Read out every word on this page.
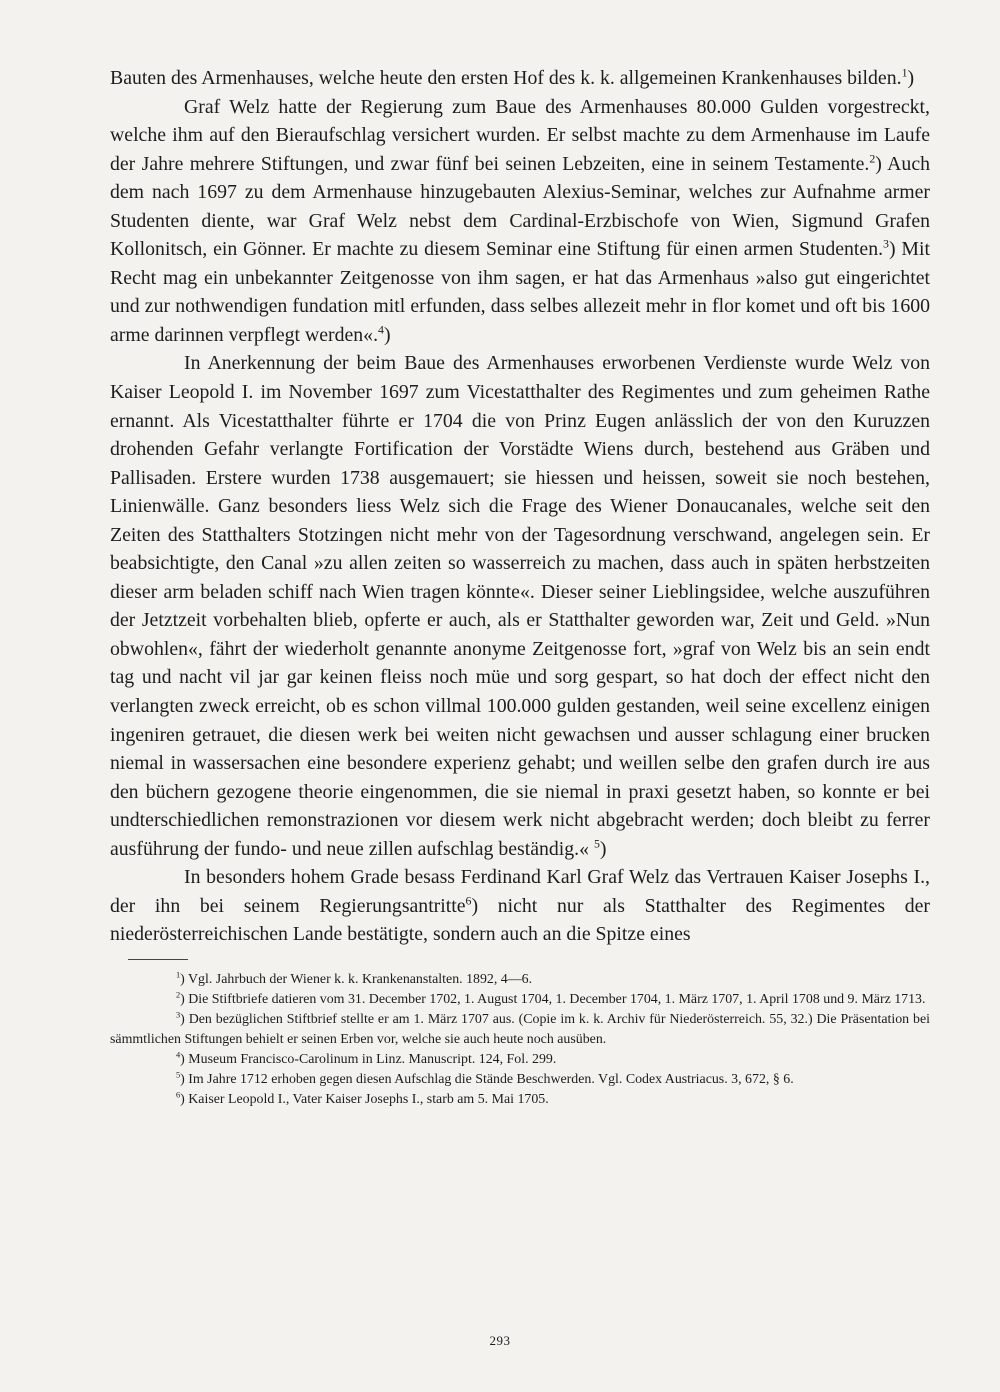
Bauten des Armenhauses, welche heute den ersten Hof des k. k. allgemeinen Krankenhauses bilden.$^1$)

Graf Welz hatte der Regierung zum Baue des Armenhauses 80.000 Gulden vorgestreckt, welche ihm auf den Bieraufschlag versichert wurden. Er selbst machte zu dem Armenhause im Laufe der Jahre mehrere Stiftungen, und zwar fünf bei seinen Lebzeiten, eine in seinem Testamente.$^2$) Auch dem nach 1697 zu dem Armenhause hinzugebauten Alexius-Seminar, welches zur Aufnahme armer Studenten diente, war Graf Welz nebst dem Cardinal-Erzbischofe von Wien, Sigmund Grafen Kollonitsch, ein Gönner. Er machte zu diesem Seminar eine Stiftung für einen armen Studenten.$^3$) Mit Recht mag ein unbekannter Zeitgenosse von ihm sagen, er hat das Armenhaus »also gut eingerichtet und zur nothwendigen fundation mitl erfunden, dass selbes allezeit mehr in flor komet und oft bis 1600 arme darinnen verpflegt werden«.$^4$)

In Anerkennung der beim Baue des Armenhauses erworbenen Verdienste wurde Welz von Kaiser Leopold I. im November 1697 zum Vicestatthalter des Regimentes und zum geheimen Rathe ernannt. Als Vicestatthalter führte er 1704 die von Prinz Eugen anlässlich der von den Kuruzzen drohenden Gefahr verlangte Fortification der Vorstädte Wiens durch, bestehend aus Gräben und Pallisaden. Erstere wurden 1738 ausgemauert; sie hiessen und heissen, soweit sie noch bestehen, Linienwälle. Ganz besonders liess Welz sich die Frage des Wiener Donaucanales, welche seit den Zeiten des Statthalters Stotzingen nicht mehr von der Tagesordnung verschwand, angelegen sein. Er beabsichtigte, den Canal »zu allen zeiten so wasserreich zu machen, dass auch in späten herbstzeiten dieser arm beladen schiff nach Wien tragen könnte«. Dieser seiner Lieblingsidee, welche auszuführen der Jetztzeit vorbehalten blieb, opferte er auch, als er Statthalter geworden war, Zeit und Geld. »Nun obwohlen«, fährt der wiederholt genannte anonyme Zeitgenosse fort, »graf von Welz bis an sein endt tag und nacht vil jar gar keinen fleiss noch müe und sorg gespart, so hat doch der effect nicht den verlangten zweck erreicht, ob es schon villmal 100.000 gulden gestanden, weil seine excellenz einigen ingeniren getrauet, die diesen werk bei weiten nicht gewachsen und ausser schlagung einer brucken niemal in wassersachen eine besondere experienz gehabt; und weillen selbe den grafen durch ire aus den büchern gezogene theorie eingenommen, die sie niemal in praxi gesetzt haben, so konnte er bei undterschiedlichen remonstrazionen vor diesem werk nicht abgebracht werden; doch bleibt zu ferrer ausführung der fundo- und neue zillen aufschlag beständig.« $^5$)

In besonders hohem Grade besass Ferdinand Karl Graf Welz das Vertrauen Kaiser Josephs I., der ihn bei seinem Regierungsantritte$^6$) nicht nur als Statthalter des Regimentes der niederösterreichischen Lande bestätigte, sondern auch an die Spitze eines

$^1$) Vgl. Jahrbuch der Wiener k. k. Krankenanstalten. 1892, 4—6.

$^2$) Die Stiftbriefe datieren vom 31. December 1702, 1. August 1704, 1. December 1704, 1. März 1707, 1. April 1708 und 9. März 1713.

$^3$) Den bezüglichen Stiftbrief stellte er am 1. März 1707 aus. (Copie im k. k. Archiv für Niederösterreich. 55, 32.) Die Präsentation bei sämmtlichen Stiftungen behielt er seinen Erben vor, welche sie auch heute noch ausüben.

$^4$) Museum Francisco-Carolinum in Linz. Manuscript. 124, Fol. 299.

$^5$) Im Jahre 1712 erhoben gegen diesen Aufschlag die Stände Beschwerden. Vgl. Codex Austriacus. 3, 672, § 6.

$^6$) Kaiser Leopold I., Vater Kaiser Josephs I., starb am 5. Mai 1705.

293
